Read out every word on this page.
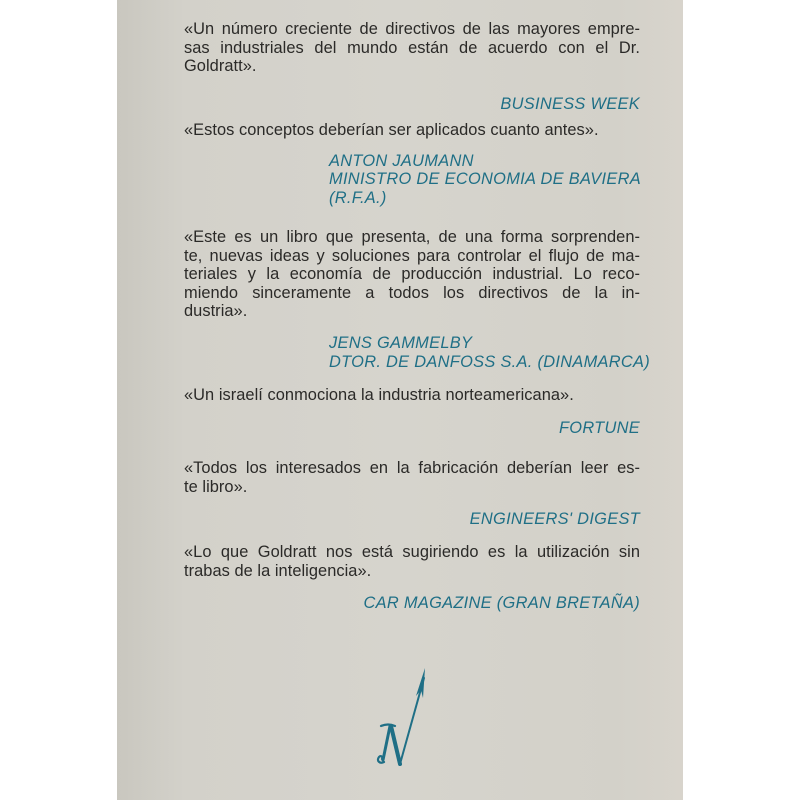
«Un número creciente de directivos de las mayores empre-
sas industriales del mundo están de acuerdo con el Dr.
Goldratt».

BUSINESS WEEK

«Estos conceptos deberían ser aplicados cuanto antes».

ANTON JAUMANN
MINISTRO DE ECONOMIA DE BAVIERA
(R.F.A.)

«Este es un libro que presenta, de una forma sorprenden-
te, nuevas ideas y soluciones para controlar el flujo de ma-
teriales y la economía de producción industrial. Lo reco-
miendo sinceramente a todos los directivos de la in-
dustria».

JENS GAMMELBY
DTOR. DE DANFOSS S.A. (DINAMARCA)

«Un israelí conmociona la industria norteamericana».

FORTUNE

«Todos los interesados en la fabricación deberían leer es-
te libro».

ENGINEERS' DIGEST

«Lo que Goldratt nos está sugiriendo es la utilización sin
trabas de la inteligencia».

CAR MAGAZINE (GRAN BRETAÑA)
